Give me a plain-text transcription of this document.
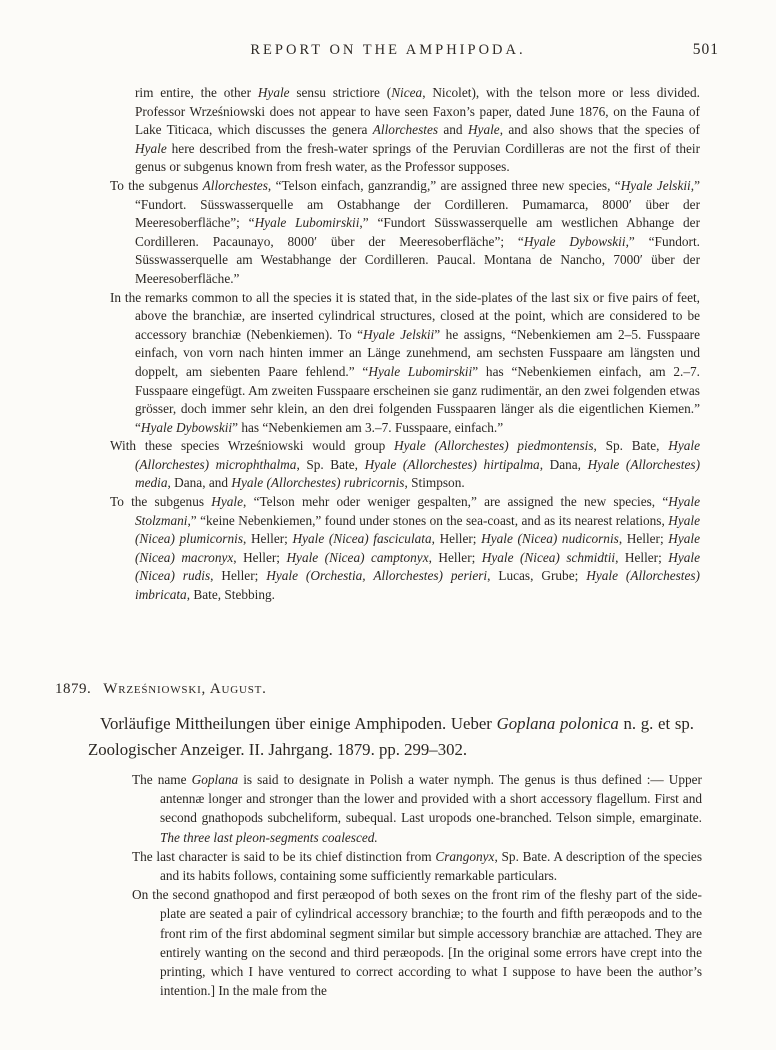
REPORT ON THE AMPHIPODA.	501

rim entire, the other Hyale sensu strictiore (Nicea, Nicolet), with the telson more or less divided. Professor Wrześniowski does not appear to have seen Faxon’s paper, dated June 1876, on the Fauna of Lake Titicaca, which discusses the genera Allorchestes and Hyale, and also shows that the species of Hyale here described from the fresh-water springs of the Peruvian Cordilleras are not the first of their genus or subgenus known from fresh water, as the Professor supposes.

To the subgenus Allorchestes, “Telson einfach, ganzrandig,” are assigned three new species, “Hyale Jelskii,” “Fundort. Süsswasserquelle am Ostabhange der Cordilleren. Pumamarca, 8000′ über der Meeresoberfläche”; “Hyale Lubomirskii,” “Fundort Süsswasserquelle am westlichen Abhange der Cordilleren. Pacaunayo, 8000′ über der Meeresoberfläche”; “Hyale Dybowskii,” “Fundort. Süsswasserquelle am Westabhange der Cordilleren. Paucal. Montana de Nancho, 7000′ über der Meeresoberfläche.”

In the remarks common to all the species it is stated that, in the side-plates of the last six or five pairs of feet, above the branchiæ, are inserted cylindrical structures, closed at the point, which are considered to be accessory branchiæ (Nebenkiemen). To “Hyale Jelskii” he assigns, “Nebenkiemen am 2–5. Fusspaare einfach, von vorn nach hinten immer an Länge zunehmend, am sechsten Fusspaare am längsten und doppelt, am siebenten Paare fehlend.” “Hyale Lubomirskii” has “Nebenkiemen einfach, am 2.–7. Fusspaare eingefügt. Am zweiten Fusspaare erscheinen sie ganz rudimentär, an den zwei folgenden etwas grösser, doch immer sehr klein, an den drei folgenden Fusspaaren länger als die eigentlichen Kiemen.” “Hyale Dybowskii” has “Nebenkiemen am 3.–7. Fusspaare, einfach.”

With these species Wrześniowski would group Hyale (Allorchestes) piedmontensis, Sp. Bate, Hyale (Allorchestes) microphthalma, Sp. Bate, Hyale (Allorchestes) hirtipalma, Dana, Hyale (Allorchestes) media, Dana, and Hyale (Allorchestes) rubricornis, Stimpson.

To the subgenus Hyale, “Telson mehr oder weniger gespalten,” are assigned the new species, “Hyale Stolzmani,” “keine Nebenkiemen,” found under stones on the sea-coast, and as its nearest relations, Hyale (Nicea) plumicornis, Heller; Hyale (Nicea) fasciculata, Heller; Hyale (Nicea) nudicornis, Heller; Hyale (Nicea) macronyx, Heller; Hyale (Nicea) camptonyx, Heller; Hyale (Nicea) schmidtii, Heller; Hyale (Nicea) rudis, Heller; Hyale (Orchestia, Allorchestes) perieri, Lucas, Grube; Hyale (Allorchestes) imbricata, Bate, Stebbing.

1879. Wrześniowski, August.

Vorläufige Mittheilungen über einige Amphipoden. Ueber Goplana polonica n. g. et sp. Zoologischer Anzeiger. II. Jahrgang. 1879. pp. 299–302.

The name Goplana is said to designate in Polish a water nymph. The genus is thus defined :— Upper antennæ longer and stronger than the lower and provided with a short accessory flagellum. First and second gnathopods subcheliform, subequal. Last uropods one-branched. Telson simple, emarginate. The three last pleon-segments coalesced.

The last character is said to be its chief distinction from Crangonyx, Sp. Bate. A description of the species and its habits follows, containing some sufficiently remarkable particulars.

On the second gnathopod and first peræopod of both sexes on the front rim of the fleshy part of the side-plate are seated a pair of cylindrical accessory branchiæ; to the fourth and fifth peræopods and to the front rim of the first abdominal segment similar but simple accessory branchiæ are attached. They are entirely wanting on the second and third peræopods. [In the original some errors have crept into the printing, which I have ventured to correct according to what I suppose to have been the author’s intention.] In the male from the
